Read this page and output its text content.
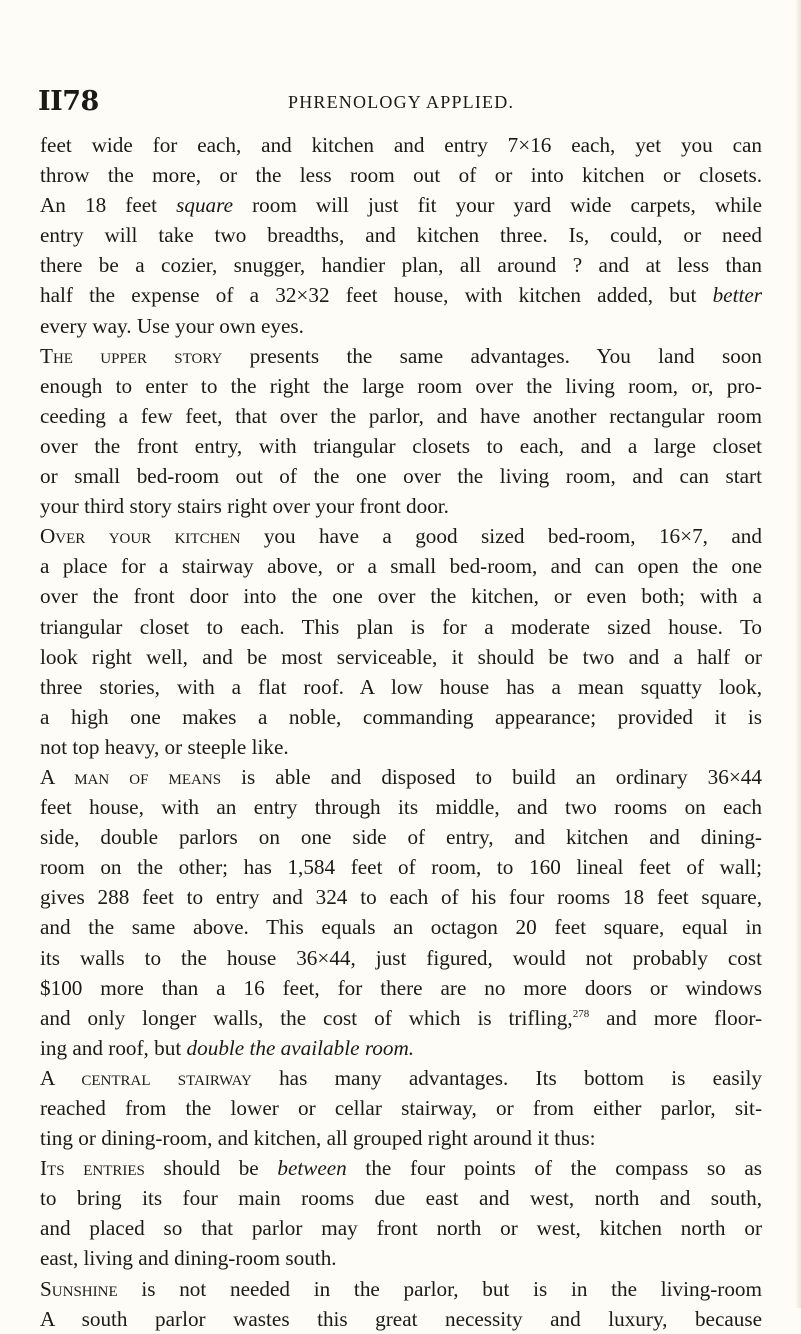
II78	PHRENOLOGY APPLIED.
feet wide for each, and kitchen and entry 7×16 each, yet you can
throw the more, or the less room out of or into kitchen or closets.
An 18 feet square room will just fit your yard wide carpets, while
entry will take two breadths, and kitchen three. Is, could, or need
there be a cozier, snugger, handier plan, all around ? and at less than
half the expense of a 32×32 feet house, with kitchen added, but better
every way. Use your own eyes.
The upper story presents the same advantages. You land soon
enough to enter to the right the large room over the living room, or, pro-
ceeding a few feet, that over the parlor, and have another rectangular room
over the front entry, with triangular closets to each, and a large closet
or small bed-room out of the one over the living room, and can start
your third story stairs right over your front door.
Over your kitchen you have a good sized bed-room, 16×7, and
a place for a stairway above, or a small bed-room, and can open the one
over the front door into the one over the kitchen, or even both; with a
triangular closet to each. This plan is for a moderate sized house. To
look right well, and be most serviceable, it should be two and a half or
three stories, with a flat roof. A low house has a mean squatty look,
a high one makes a noble, commanding appearance; provided it is
not top heavy, or steeple like.
A man of means is able and disposed to build an ordinary 36×44
feet house, with an entry through its middle, and two rooms on each
side, double parlors on one side of entry, and kitchen and dining-
room on the other; has 1,584 feet of room, to 160 lineal feet of wall;
gives 288 feet to entry and 324 to each of his four rooms 18 feet square,
and the same above. This equals an octagon 20 feet square, equal in
its walls to the house 36×44, just figured, would not probably cost
$100 more than a 16 feet, for there are no more doors or windows
and only longer walls, the cost of which is trifling,$^{278}$ and more floor-
ing and roof, but double the available room.
A central stairway has many advantages. Its bottom is easily
reached from the lower or cellar stairway, or from either parlor, sit-
ting or dining-room, and kitchen, all grouped right around it thus:
Its entries should be between the four points of the compass so as
to bring its four main rooms due east and west, north and south,
and placed so that parlor may front north or west, kitchen north or
east, living and dining-room south.
Sunshine is not needed in the parlor, but is in the living-room
A south parlor wastes this great necessity and luxury, because
